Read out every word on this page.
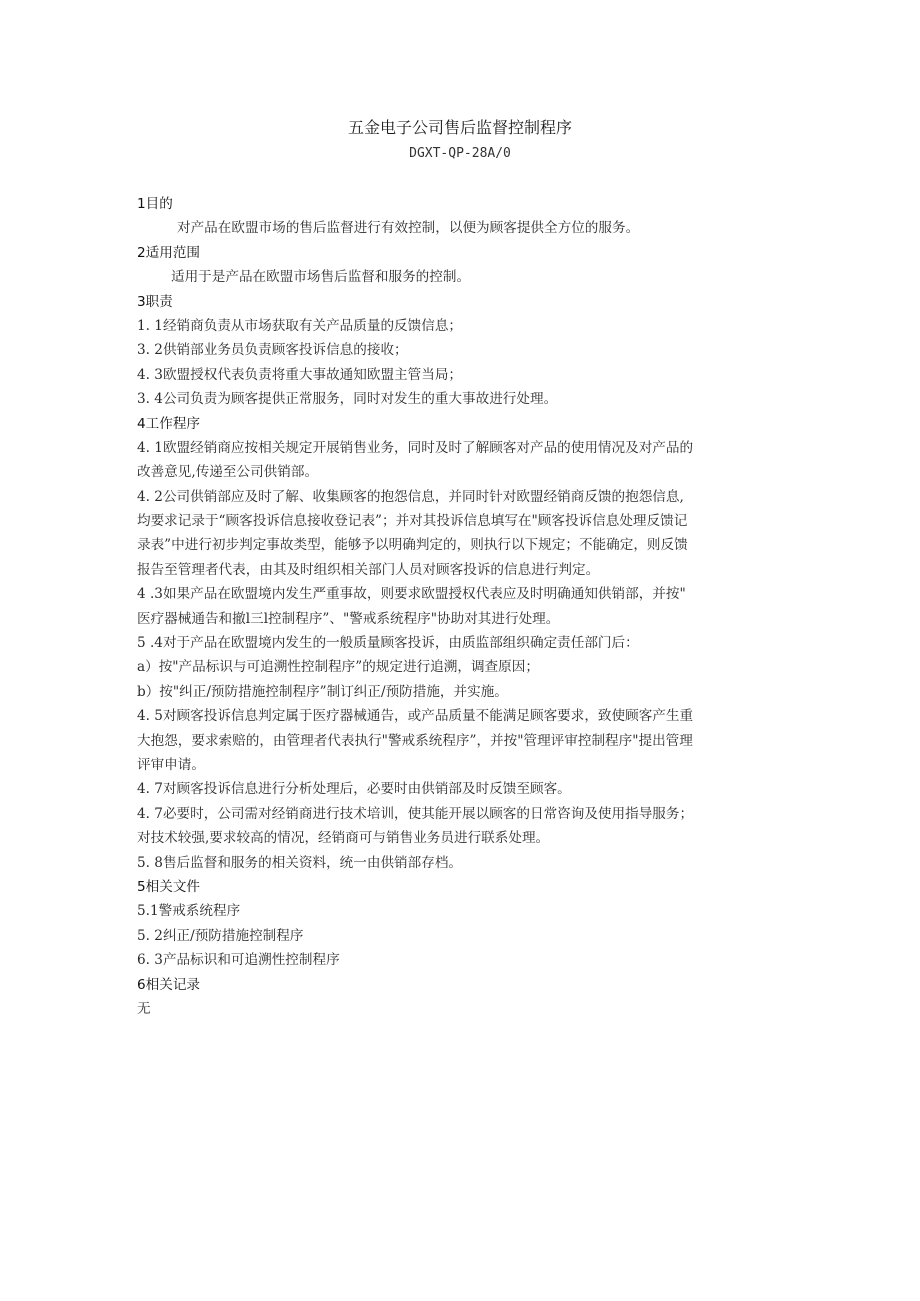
五金电子公司售后监督控制程序
DGXT-QP-28A/0
1目的
对产品在欧盟市场的售后监督进行有效控制，以便为顾客提供全方位的服务。
2适用范围
适用于是产品在欧盟市场售后监督和服务的控制。
3职责
1. 1经销商负责从市场获取有关产品质量的反馈信息；
3. 2供销部业务员负责顾客投诉信息的接收；
4. 3欧盟授权代表负责将重大事故通知欧盟主管当局；
3. 4公司负责为顾客提供正常服务，同时对发生的重大事故进行处理。
4工作程序
4. 1欧盟经销商应按相关规定开展销售业务，同时及时了解顾客对产品的使用情况及对产品的
改善意见,传递至公司供销部。
4. 2公司供销部应及时了解、收集顾客的抱怨信息，并同时针对欧盟经销商反馈的抱怨信息,
均要求记录于“顾客投诉信息接收登记表”；并对其投诉信息填写在"顾客投诉信息处理反馈记
录表”中进行初步判定事故类型，能够予以明确判定的，则执行以下规定；不能确定，则反馈
报告至管理者代表，由其及时组织相关部门人员对顾客投诉的信息进行判定。
4 .3如果产品在欧盟境内发生严重事故，则要求欧盟授权代表应及时明确通知供销部，并按"
医疗器械通告和撤l三l控制程序”、"警戒系统程序"协助对其进行处理。
5 .4对于产品在欧盟境内发生的一般质量顾客投诉，由质监部组织确定责任部门后：
a）按"产品标识与可追溯性控制程序”的规定进行追溯，调查原因；
b）按"纠正/预防措施控制程序”制订纠正/预防措施，并实施。
4. 5对顾客投诉信息判定属于医疗器械通告，或产品质量不能满足顾客要求，致使顾客产生重
大抱怨，要求索赔的，由管理者代表执行"警戒系统程序”，并按"管理评审控制程序"提出管理
评审申请。
4. 7对顾客投诉信息进行分析处理后，必要时由供销部及时反馈至顾客。
4. 7必要时，公司需对经销商进行技术培训，使其能开展以顾客的日常咨询及使用指导服务；
对技术较强,要求较高的情况，经销商可与销售业务员进行联系处理。
5. 8售后监督和服务的相关资料，统一由供销部存档。
5相关文件
5.1警戒系统程序
5. 2纠正/预防措施控制程序
6. 3产品标识和可追溯性控制程序
6相关记录
无
